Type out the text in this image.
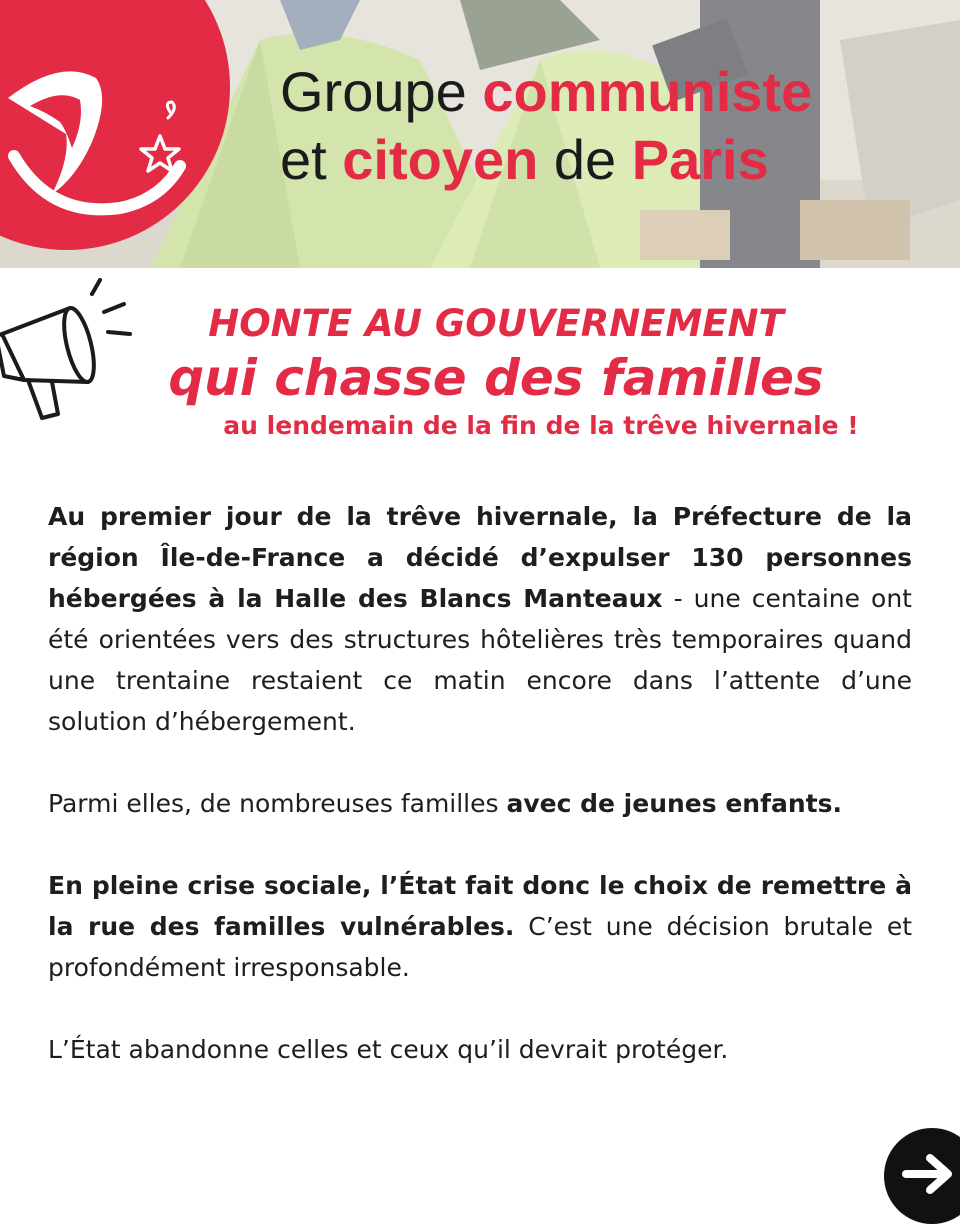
Groupe communiste
et citoyen de Paris
HONTE AU GOUVERNEMENT
qui chasse des familles
au lendemain de la fin de la trêve hivernale !

Au premier jour de la trêve hivernale, la Préfecture de la région Île-de-France a décidé d’expulser 130 personnes hébergées à la Halle des Blancs Manteaux - une centaine ont été orientées vers des structures hôtelières très temporaires quand une trentaine restaient ce matin encore dans l’attente d’une solution d’hébergement.

Parmi elles, de nombreuses familles avec de jeunes enfants.

En pleine crise sociale, l’État fait donc le choix de remettre à la rue des familles vulnérables. C’est une décision brutale et profondément irresponsable.

L’État abandonne celles et ceux qu’il devrait protéger.
